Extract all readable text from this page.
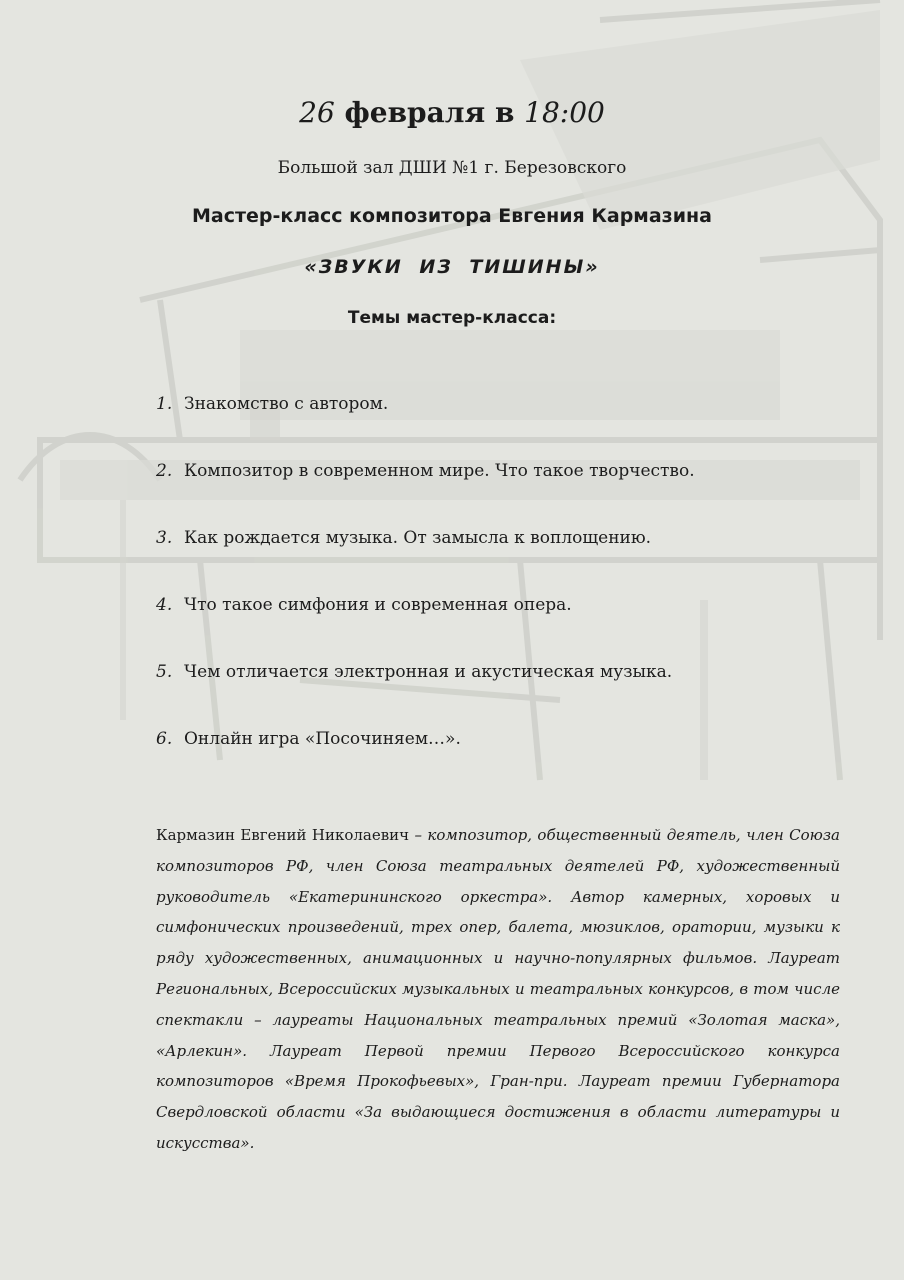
26 февраля в 18:00
Большой зал ДШИ №1 г. Березовского
Мастер-класс композитора Евгения Кармазина
«ЗВУКИ ИЗ ТИШИНЫ»
Темы мастер-класса:
1. Знакомство с автором.
2. Композитор в современном мире. Что такое творчество.
3. Как рождается музыка. От замысла к воплощению.
4. Что такое симфония и современная опера.
5. Чем отличается электронная и акустическая музыка.
6. Онлайн игра «Посочиняем…».

Кармазин Евгений Николаевич – композитор, общественный деятель, член Союза композиторов РФ, член Союза театральных деятелей РФ, художественный руководитель «Екатерининского оркестра». Автор камерных, хоровых и симфонических произведений, трех опер, балета, мюзиклов, оратории, музыки к ряду художественных, анимационных и научно-популярных фильмов. Лауреат Региональных, Всероссийских музыкальных и театральных конкурсов, в том числе спектакли – лауреаты Национальных театральных премий «Золотая маска», «Арлекин». Лауреат Первой премии Первого Всероссийского конкурса композиторов «Время Прокофьевых», Гран-при. Лауреат премии Губернатора Свердловской области «За выдающиеся достижения в области литературы и искусства».
